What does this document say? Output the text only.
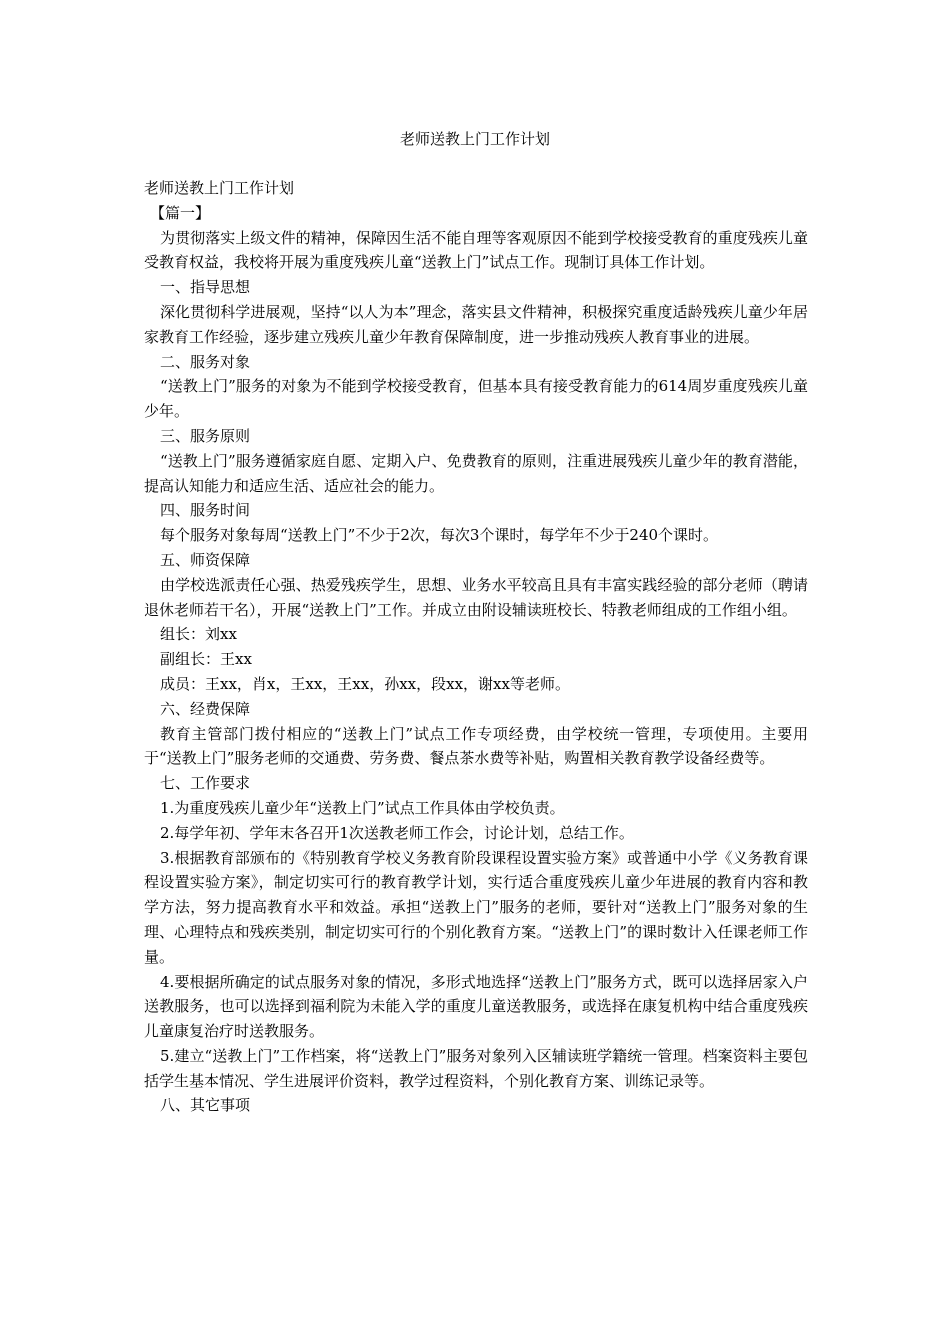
老师送教上门工作计划

老师送教上门工作计划

【篇一】

为贯彻落实上级文件的精神，保障因生活不能自理等客观原因不能到学校接受教育的重度残疾儿童受教育权益，我校将开展为重度残疾儿童“送教上门”试点工作。现制订具体工作计划。

一、指导思想

深化贯彻科学进展观，坚持“以人为本”理念，落实县文件精神，积极探究重度适龄残疾儿童少年居家教育工作经验，逐步建立残疾儿童少年教育保障制度，进一步推动残疾人教育事业的进展。

二、服务对象

“送教上门”服务的对象为不能到学校接受教育，但基本具有接受教育能力的614周岁重度残疾儿童少年。

三、服务原则

“送教上门”服务遵循家庭自愿、定期入户、免费教育的原则，注重进展残疾儿童少年的教育潜能，提高认知能力和适应生活、适应社会的能力。

四、服务时间

每个服务对象每周“送教上门”不少于2次，每次3个课时，每学年不少于240个课时。

五、师资保障

由学校选派责任心强、热爱残疾学生，思想、业务水平较高且具有丰富实践经验的部分老师（聘请退休老师若干名），开展“送教上门”工作。并成立由附设辅读班校长、特教老师组成的工作组小组。

组长：刘xx

副组长：王xx

成员：王xx，肖x，王xx，王xx，孙xx，段xx，谢xx等老师。

六、经费保障

教育主管部门拨付相应的“送教上门”试点工作专项经费，由学校统一管理，专项使用。主要用于“送教上门”服务老师的交通费、劳务费、餐点茶水费等补贴，购置相关教育教学设备经费等。

七、工作要求

1.为重度残疾儿童少年“送教上门”试点工作具体由学校负责。

2.每学年初、学年末各召开1次送教老师工作会，讨论计划，总结工作。

3.根据教育部颁布的《特别教育学校义务教育阶段课程设置实验方案》或普通中小学《义务教育课程设置实验方案》，制定切实可行的教育教学计划，实行适合重度残疾儿童少年进展的教育内容和教学方法，努力提高教育水平和效益。承担“送教上门”服务的老师，要针对“送教上门”服务对象的生理、心理特点和残疾类别，制定切实可行的个别化教育方案。“送教上门”的课时数计入任课老师工作量。

4.要根据所确定的试点服务对象的情况，多形式地选择“送教上门”服务方式，既可以选择居家入户送教服务，也可以选择到福利院为未能入学的重度儿童送教服务，或选择在康复机构中结合重度残疾儿童康复治疗时送教服务。

5.建立“送教上门”工作档案，将“送教上门”服务对象列入区辅读班学籍统一管理。档案资料主要包括学生基本情况、学生进展评价资料，教学过程资料，个别化教育方案、训练记录等。

八、其它事项
